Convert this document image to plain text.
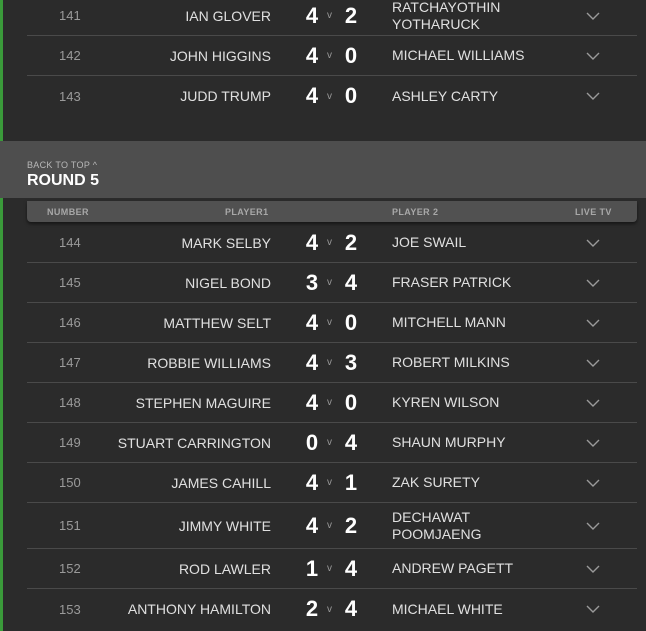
141	IAN GLOVER 4 v 2 RATCHAYOTHIN YOTHARUCK
142	JOHN HIGGINS 4 v 0 MICHAEL WILLIAMS
143	JUDD TRUMP 4 v 0 ASHLEY CARTY
BACK TO TOP ^
ROUND 5
NUMBER	PLAYER1	PLAYER 2	LIVE TV
144	MARK SELBY 4 v 2 JOE SWAIL
145	NIGEL BOND 3 v 4 FRASER PATRICK
146	MATTHEW SELT 4 v 0 MITCHELL MANN
147	ROBBIE WILLIAMS 4 v 3 ROBERT MILKINS
148	STEPHEN MAGUIRE 4 v 0 KYREN WILSON
149	STUART CARRINGTON 0 v 4 SHAUN MURPHY
150	JAMES CAHILL 4 v 1 ZAK SURETY
151	JIMMY WHITE 4 v 2 DECHAWAT POOMJAENG
152	ROD LAWLER 1 v 4 ANDREW PAGETT
153	ANTHONY HAMILTON 2 v 4 MICHAEL WHITE
